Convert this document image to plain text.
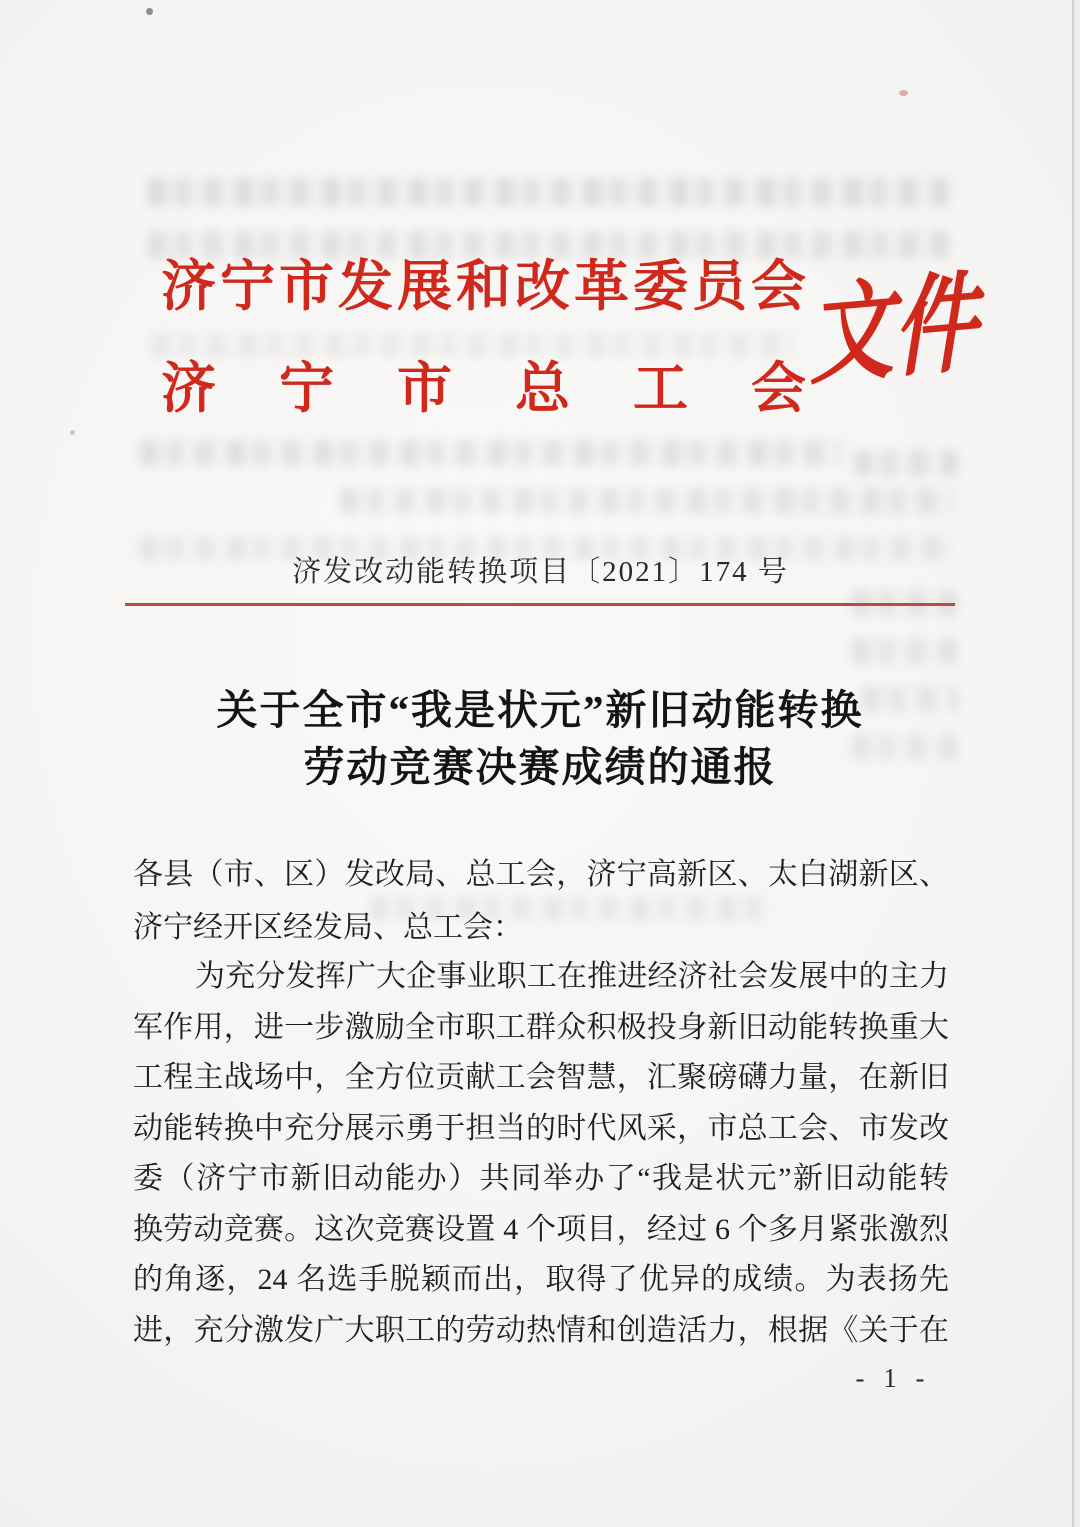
济宁市发展和改革委员会
济宁市总工会 文件
济发改动能转换项目〔2021〕174 号
关于全市“我是状元”新旧动能转换
劳动竞赛决赛成绩的通报
各县（市、区）发改局、总工会，济宁高新区、太白湖新区、
济宁经开区经发局、总工会：
为充分发挥广大企事业职工在推进经济社会发展中的主力
军作用，进一步激励全市职工群众积极投身新旧动能转换重大
工程主战场中，全方位贡献工会智慧，汇聚磅礴力量，在新旧
动能转换中充分展示勇于担当的时代风采，市总工会、市发改
委（济宁市新旧动能办）共同举办了“我是状元”新旧动能转
换劳动竞赛。这次竞赛设置 4 个项目，经过 6 个多月紧张激烈
的角逐，24 名选手脱颖而出，取得了优异的成绩。为表扬先
进，充分激发广大职工的劳动热情和创造活力，根据《关于在
- 1 -
